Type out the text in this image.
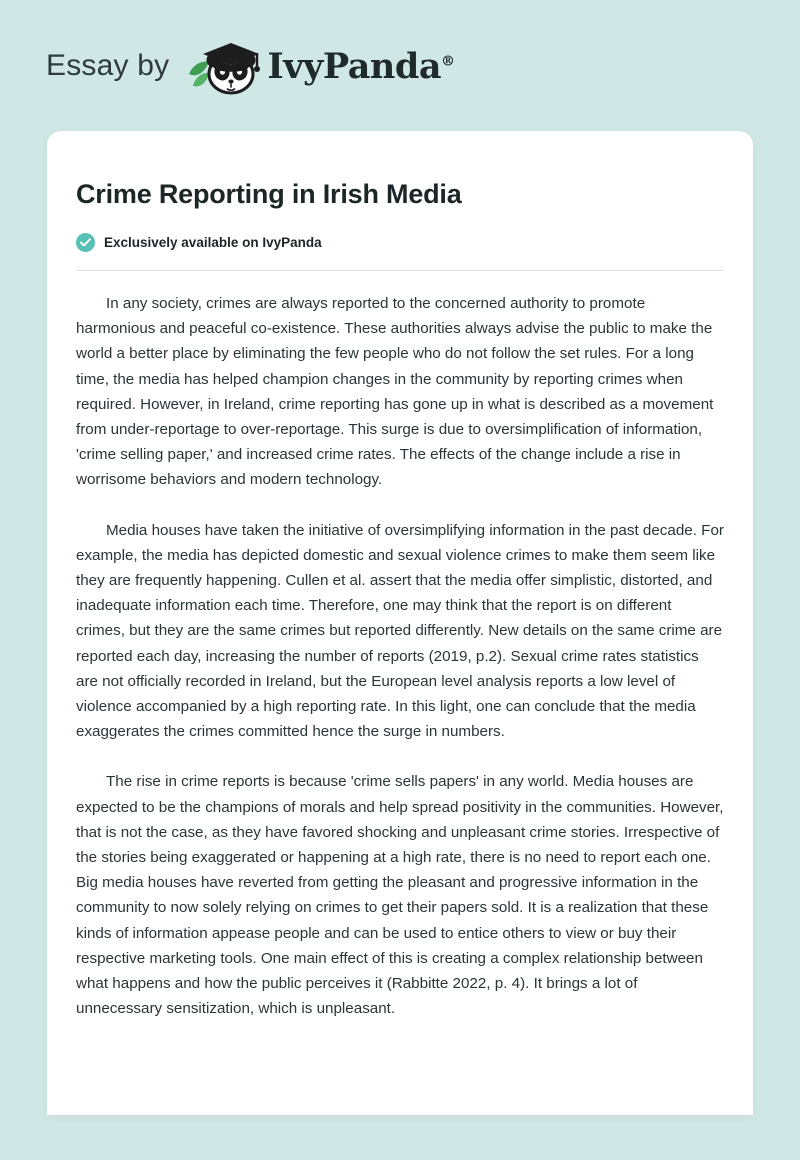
Essay by	IvyPanda®
Crime Reporting in Irish Media
Exclusively available on IvyPanda

In any society, crimes are always reported to the concerned authority to promote harmonious and peaceful co-existence. These authorities always advise the public to make the world a better place by eliminating the few people who do not follow the set rules. For a long time, the media has helped champion changes in the community by reporting crimes when required. However, in Ireland, crime reporting has gone up in what is described as a movement from under-reportage to over-reportage. This surge is due to oversimplification of information, 'crime selling paper,' and increased crime rates. The effects of the change include a rise in worrisome behaviors and modern technology.

Media houses have taken the initiative of oversimplifying information in the past decade. For example, the media has depicted domestic and sexual violence crimes to make them seem like they are frequently happening. Cullen et al. assert that the media offer simplistic, distorted, and inadequate information each time. Therefore, one may think that the report is on different crimes, but they are the same crimes but reported differently. New details on the same crime are reported each day, increasing the number of reports (2019, p.2). Sexual crime rates statistics are not officially recorded in Ireland, but the European level analysis reports a low level of violence accompanied by a high reporting rate. In this light, one can conclude that the media exaggerates the crimes committed hence the surge in numbers.

The rise in crime reports is because 'crime sells papers' in any world. Media houses are expected to be the champions of morals and help spread positivity in the communities. However, that is not the case, as they have favored shocking and unpleasant crime stories. Irrespective of the stories being exaggerated or happening at a high rate, there is no need to report each one. Big media houses have reverted from getting the pleasant and progressive information in the community to now solely relying on crimes to get their papers sold. It is a realization that these kinds of information appease people and can be used to entice others to view or buy their respective marketing tools. One main effect of this is creating a complex relationship between what happens and how the public perceives it (Rabbitte 2022, p. 4). It brings a lot of unnecessary sensitization, which is unpleasant.
